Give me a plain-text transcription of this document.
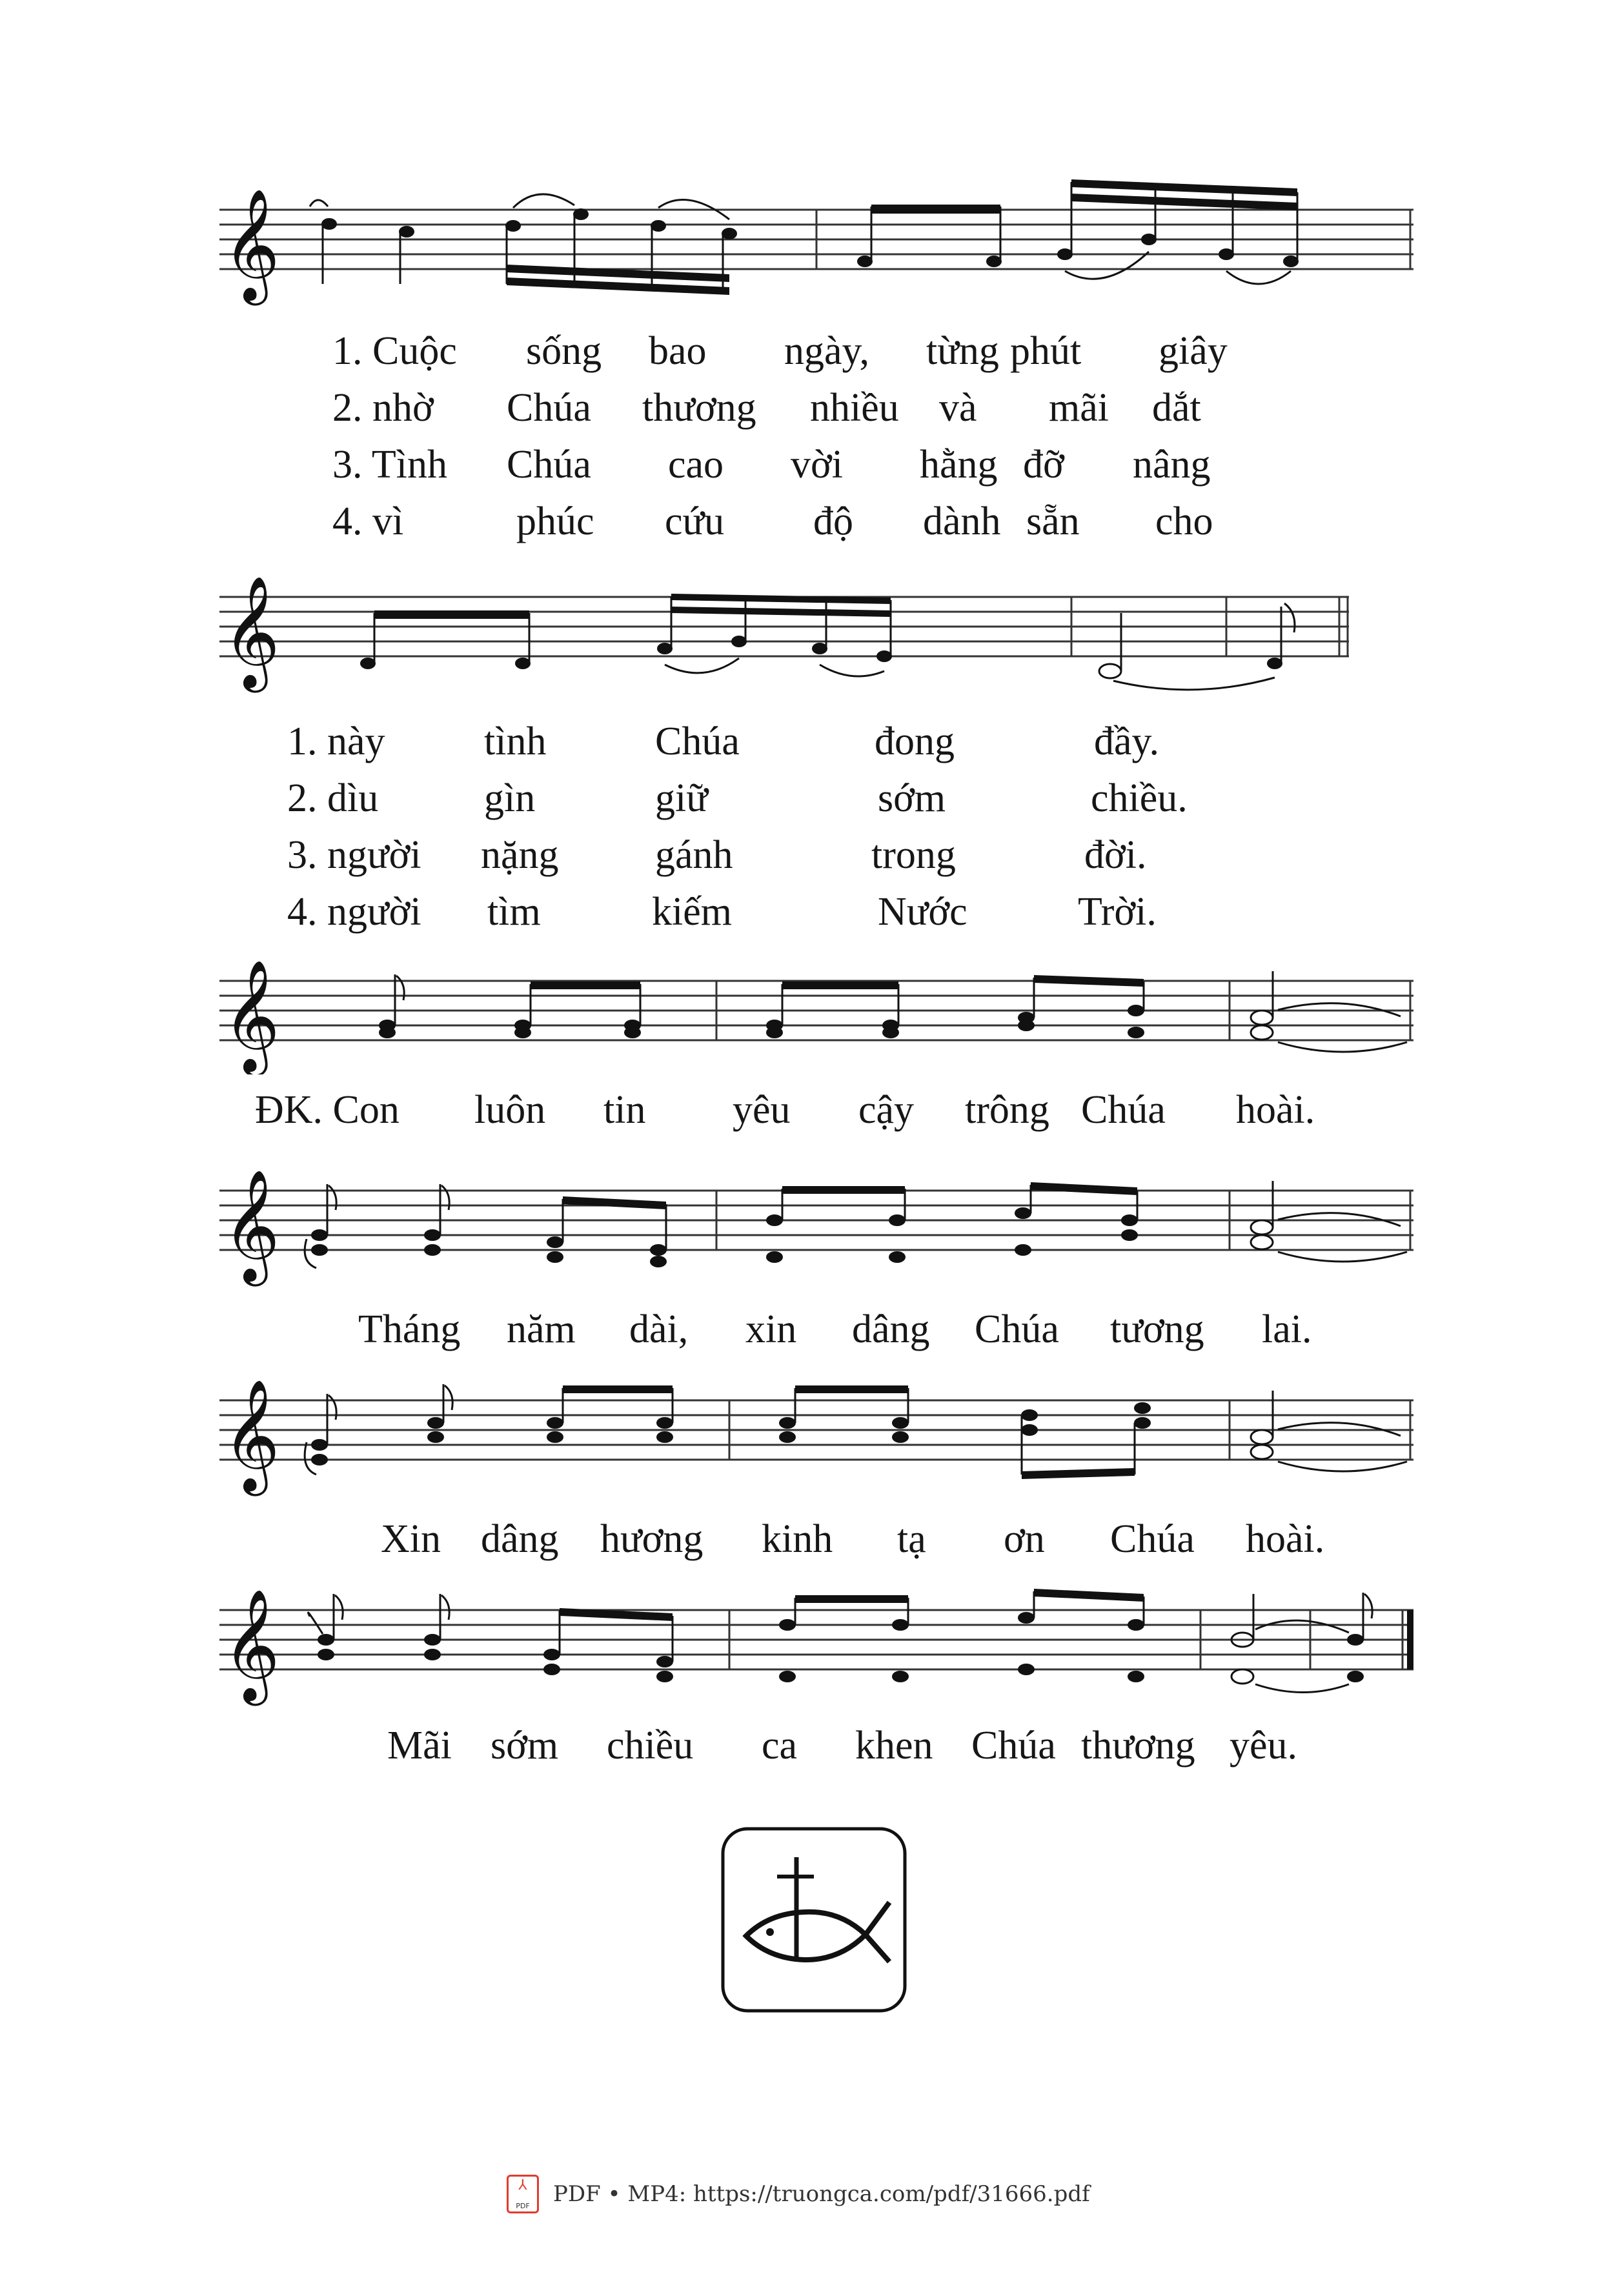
𝄞
1. Cuộc	sống	bao	ngày,	từng phút	giây
2. nhờ	Chúa	thương	nhiều	và	mãi	dắt
3. Tình	Chúa	cao	vời	hằng đỡ	nâng
4. vì	phúc	cứu	độ	dành sẵn	cho
𝄞
1. này	tình	Chúa	đong	đầy.
2. dìu	gìn	giữ	sớm	chiều.
3. người	nặng	gánh	trong	đời.
4. người	tìm	kiếm	Nước	Trời.
𝄞
ĐK. Con luôn tin yêu cậy trông Chúa hoài.
𝄞
Tháng năm dài, xin dâng Chúa tương lai.
𝄞
Xin dâng hương kinh tạ ơn Chúa hoài.
𝄞
Mãi sớm chiều ca khen Chúa thương yêu.
⅄
PDF	PDF • MP4: https://truongca.com/pdf/31666.pdf
